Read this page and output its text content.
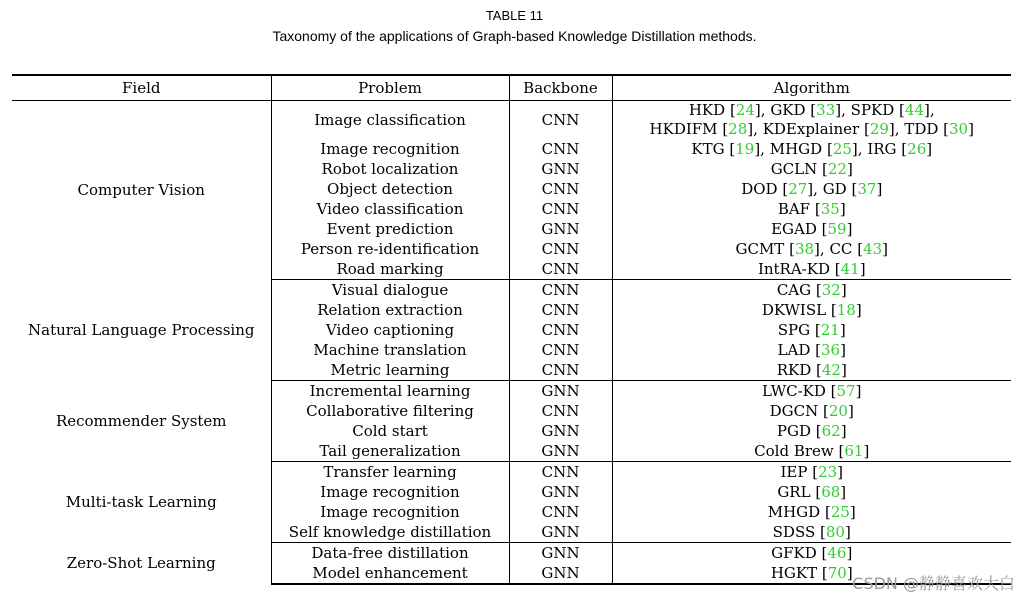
TABLE 11
Taxonomy of the applications of Graph-based Knowledge Distillation methods.
Field	Problem	Backbone	Algorithm
Computer Vision	Image classification	CNN	HKD [24], GKD [33], SPKD [44],
HKDIFM [28], KDExplainer [29], TDD [30]
	Image recognition	CNN	KTG [19], MHGD [25], IRG [26]
	Robot localization	GNN	GCLN [22]
	Object detection	CNN	DOD [27], GD [37]
	Video classification	CNN	BAF [35]
	Event prediction	GNN	EGAD [59]
	Person re-identification	CNN	GCMT [38], CC [43]
	Road marking	CNN	IntRA-KD [41]
Natural Language Processing	Visual dialogue	CNN	CAG [32]
	Relation extraction	CNN	DKWISL [18]
	Video captioning	CNN	SPG [21]
	Machine translation	CNN	LAD [36]
	Metric learning	CNN	RKD [42]
Recommender System	Incremental learning	GNN	LWC-KD [57]
	Collaborative filtering	CNN	DGCN [20]
	Cold start	GNN	PGD [62]
	Tail generalization	GNN	Cold Brew [61]
Multi-task Learning	Transfer learning	CNN	IEP [23]
	Image recognition	GNN	GRL [68]
	Image recognition	CNN	MHGD [25]
	Self knowledge distillation	GNN	SDSS [80]
Zero-Shot Learning	Data-free distillation	GNN	GFKD [46]
	Model enhancement	GNN	HGKT [70]
CSDN @静静喜欢大白
